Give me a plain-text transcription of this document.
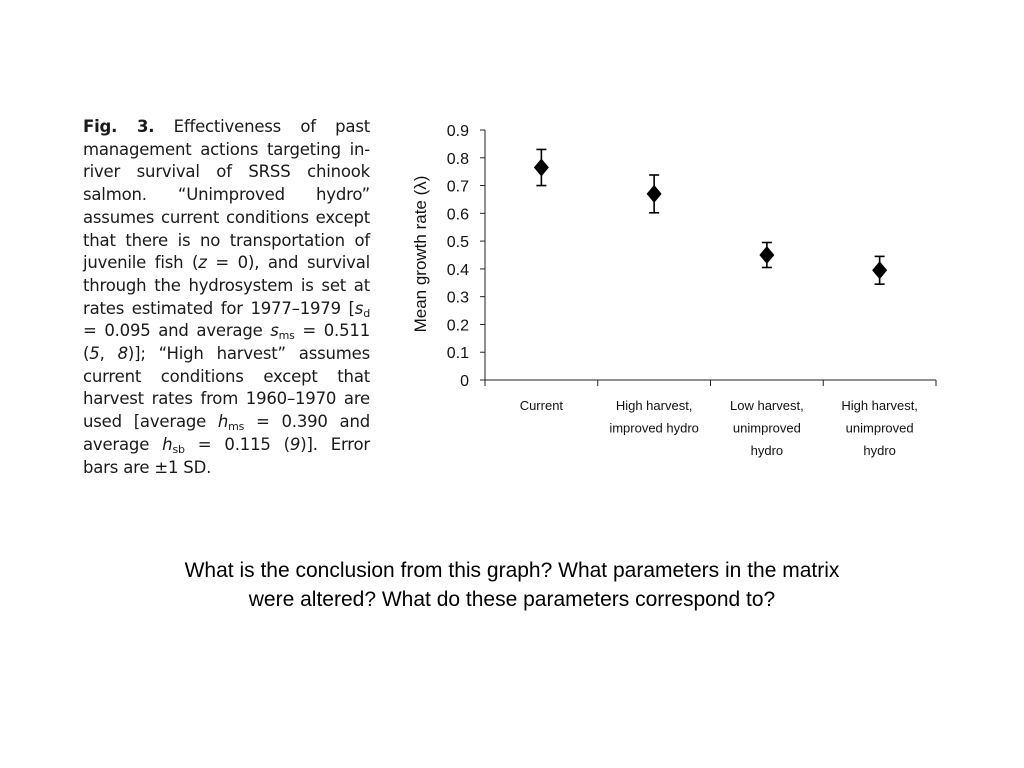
Fig. 3. Effectiveness of past management actions targeting in-river survival of SRSS chinook salmon. “Unimproved hydro” assumes current conditions except that there is no transportation of juvenile fish (z = 0), and survival through the hydrosystem is set at rates estimated for 1977–1979 [$s_d = 0.095$ and average $s_{ms} = 0.511$ (5, 8)]; “High harvest” assumes current conditions except that harvest rates from 1960–1970 are used [average $h_{ms} = 0.390$ and average $h_{sb} = 0.115$ (9)]. Error bars are ±1 SD.
0
0.1
0.2
0.3
0.4
0.5
0.6
0.7
0.8
0.9
Current	High harvest,
improved hydro
Low harvest,
unimproved
hydro
High harvest,
unimproved
hydro
Mean growth rate (λ)
What is the conclusion from this graph? What parameters in the matrix
were altered? What do these parameters correspond to?
